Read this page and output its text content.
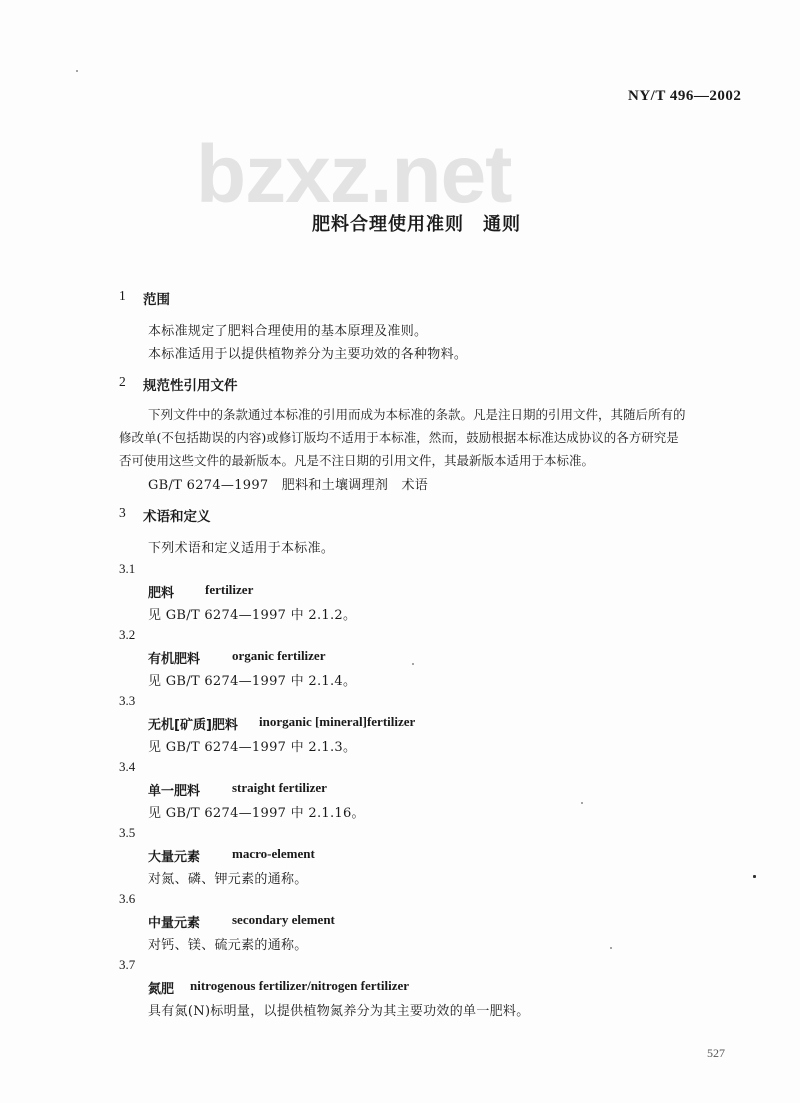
NY/T 496—2002
bzxz.net
肥料合理使用准则　通则
1 范围
本标准规定了肥料合理使用的基本原理及准则。
本标准适用于以提供植物养分为主要功效的各种物料。
2 规范性引用文件
下列文件中的条款通过本标准的引用而成为本标准的条款。凡是注日期的引用文件，其随后所有的
修改单(不包括勘误的内容)或修订版均不适用于本标准，然而，鼓励根据本标准达成协议的各方研究是
否可使用这些文件的最新版本。凡是不注日期的引用文件，其最新版本适用于本标准。
GB/T 6274—1997　肥料和土壤调理剂　术语
3 术语和定义
下列术语和定义适用于本标准。
3.1
肥料 fertilizer
见 GB/T 6274—1997 中 2.1.2。
3.2
有机肥料 organic fertilizer
见 GB/T 6274—1997 中 2.1.4。
3.3
无机[矿质]肥料 inorganic [mineral]fertilizer
见 GB/T 6274—1997 中 2.1.3。
3.4
单一肥料 straight fertilizer
见 GB/T 6274—1997 中 2.1.16。
3.5
大量元素 macro-element
对氮、磷、钾元素的通称。
3.6
中量元素 secondary element
对钙、镁、硫元素的通称。
3.7
氮肥 nitrogenous fertilizer/nitrogen fertilizer
具有氮(N)标明量，以提供植物氮养分为其主要功效的单一肥料。
527
